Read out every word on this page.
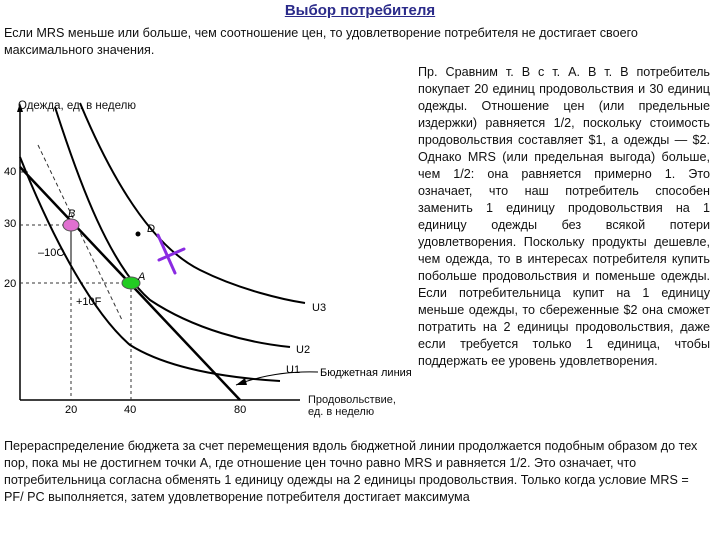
Выбор потребителя
Если MRS меньше или больше, чем соотношение цен, то удовлетворение потребителя не достигает своего максимального значения.
Пр. Сравним т. В с т. А. В т. В потребитель покупает 20 единиц продовольствия и 30 единиц одежды. Отношение цен (или предельные издержки) равняется 1/2, поскольку стоимость продовольствия составляет $1, а одежды — $2. Однако MRS (или предельная выгода) больше, чем 1/2: она равняется примерно 1. Это означает, что наш потребитель способен заменить 1 единицу продовольствия на 1 единицу одежды без всякой потери удовлетворения. Поскольку продукты дешевле, чем одежда, то в интересах потребителя купить побольше продовольствия и поменьше одежды. Если потребительница купит на 1 единицу меньше одежды, то сбереженные $2 она сможет потратить на 2 единицы продовольствия, даже если требуется только 1 единица, чтобы поддержать ее уровень удовлетворения.
Одежда, ед. в неделю
Продовольствие,
ед. в неделю
40
30
20
20	40	80
U3
U2
U1 Бюджетная линия
–10C
+10F
B
A
D
Перераспределение бюджета за счет перемещения вдоль бюджетной линии продолжается подобным образом до тех пор, пока мы не достигнем точки А, где отношение цен точно равно MRS и равняется 1/2. Это означает, что потребительница согласна обменять 1 единицу одежды на 2 единицы продовольствия. Только когда условие MRS = PF/ PC выполняется, затем удовлетворение потребителя достигает максимума
